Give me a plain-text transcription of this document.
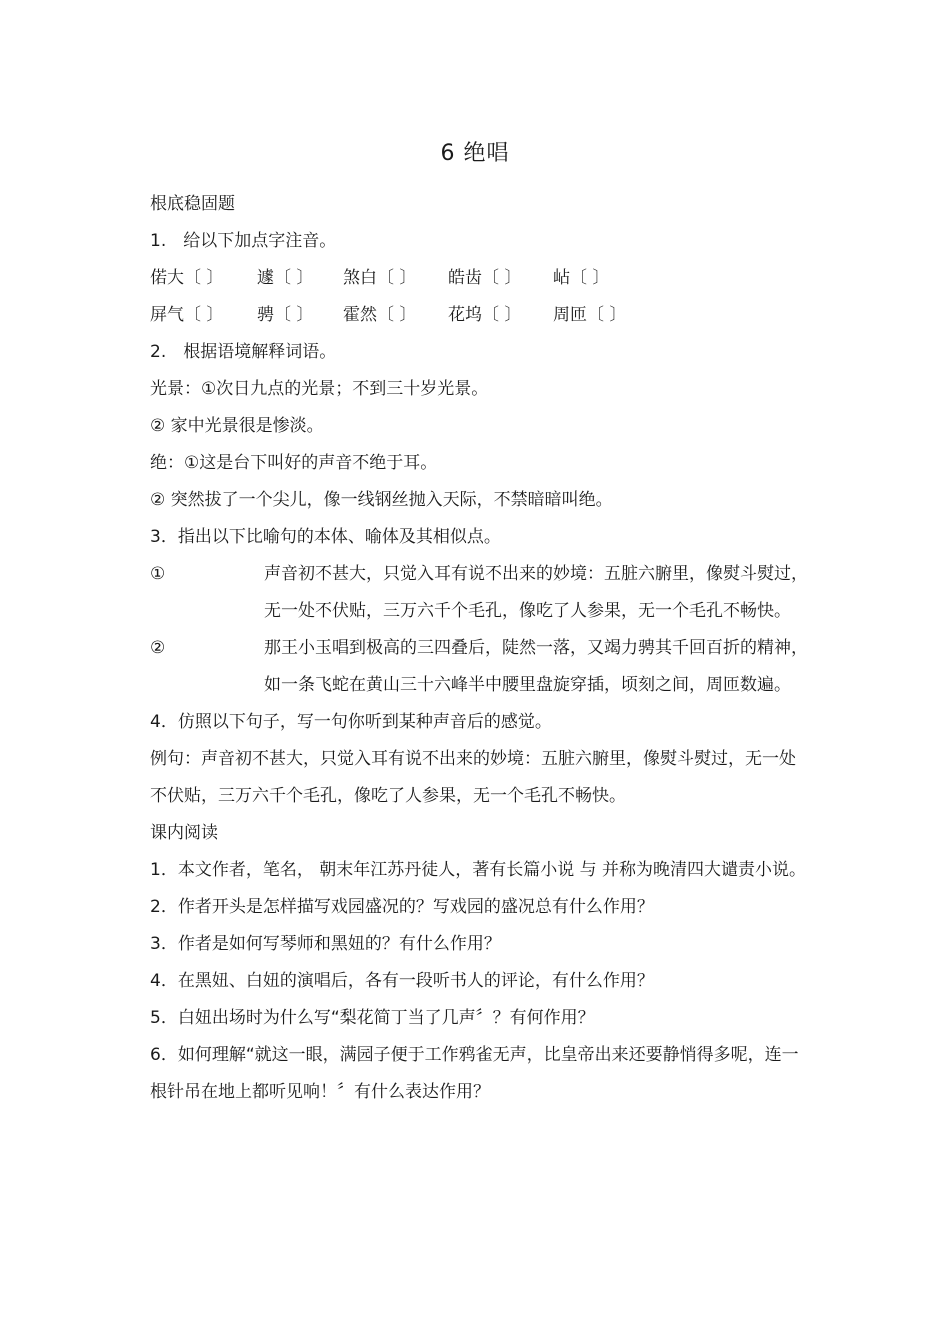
6 绝唱

根底稳固题

1.　给以下加点字注音。

偌大〔 〕	遽〔 〕	煞白〔 〕	皓齿〔 〕	岾〔 〕
屏气〔 〕	骋〔 〕	霍然〔 〕	花坞〔 〕	周匝〔 〕

2.　根据语境解释词语。

光景：①次日九点的光景；不到三十岁光景。

② 家中光景很是惨淡。

绝：①这是台下叫好的声音不绝于耳。

② 突然拔了一个尖儿，像一线钢丝抛入天际，不禁暗暗叫绝。

3．指出以下比喻句的本体、喻体及其相似点。

①	声音初不甚大，只觉入耳有说不出来的妙境：五脏六腑里，像熨斗熨过，无一处不伏贴，三万六千个毛孔，像吃了人参果，无一个毛孔不畅快。
②	那王小玉唱到极高的三四叠后，陡然一落，又竭力骋其千回百折的精神，如一条飞蛇在黄山三十六峰半中腰里盘旋穿插，顷刻之间，周匝数遍。

4．仿照以下句子，写一句你听到某种声音后的感觉。

例句：声音初不甚大，只觉入耳有说不出来的妙境：五脏六腑里，像熨斗熨过，无一处不伏贴，三万六千个毛孔，像吃了人参果，无一个毛孔不畅快。

课内阅读

1．本文作者，笔名， 朝末年江苏丹徒人，著有长篇小说 与 并称为晚清四大谴责小说。

2．作者开头是怎样描写戏园盛况的？写戏园的盛况总有什么作用？

3．作者是如何写琴师和黑妞的？有什么作用？

4．在黑妞、白妞的演唱后，各有一段听书人的评论，有什么作用？

5．白妞出场时为什么写“梨花简丁当了几声〞？有何作用？

6．如何理解“就这一眼，满园子便于工作鸦雀无声，比皇帝出来还要静悄得多呢，连一根针吊在地上都听见响！〞有什么表达作用？
